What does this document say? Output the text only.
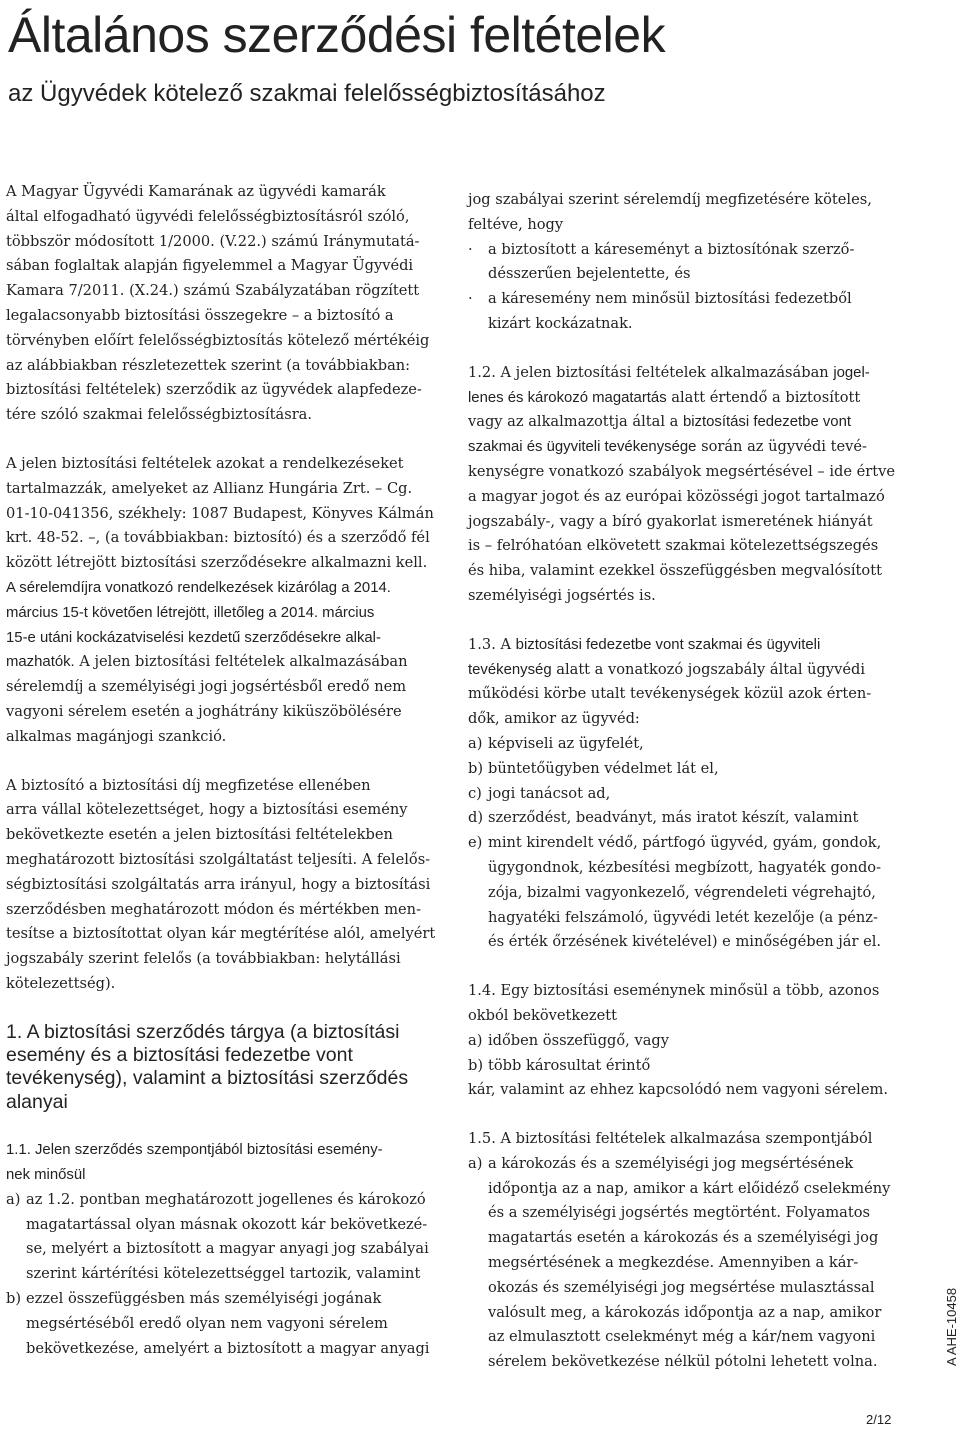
Általános szerződési feltételek
az Ügyvédek kötelező szakmai felelősségbiztosításához
A Magyar Ügyvédi Kamarának az ügyvédi kamarák
által elfogadható ügyvédi felelősségbiztosításról szóló,
többször módosított 1/2000. (V.22.) számú Iránymutatá-
sában foglaltak alapján figyelemmel a Magyar Ügyvédi
Kamara 7/2011. (X.24.) számú Szabályzatában rögzített
legalacsonyabb biztosítási összegekre – a biztosító a
törvényben előírt felelősségbiztosítás kötelező mértékéig
az alábbiakban részletezettek szerint (a továbbiakban:
biztosítási feltételek) szerződik az ügyvédek alapfedeze-
tére szóló szakmai felelősségbiztosításra.
A jelen biztosítási feltételek azokat a rendelkezéseket
tartalmazzák, amelyeket az Allianz Hungária Zrt. – Cg.
01-10-041356, székhely: 1087 Budapest, Könyves Kálmán
krt. 48-52. –, (a továbbiakban: biztosító) és a szerződő fél
között létrejött biztosítási szerződésekre alkalmazni kell.
A sérelemdíjra vonatkozó rendelkezések kizárólag a 2014.
március 15-t követően létrejött, illetőleg a 2014. március
15-e utáni kockázatviselési kezdetű szerződésekre alkal-
mazhatók. A jelen biztosítási feltételek alkalmazásában
sérelemdíj a személyiségi jogi jogsértésből eredő nem
vagyoni sérelem esetén a joghátrány kiküszöbölésére
alkalmas magánjogi szankció.
A biztosító a biztosítási díj megfizetése ellenében
arra vállal kötelezettséget, hogy a biztosítási esemény
bekövetkezte esetén a jelen biztosítási feltételekben
meghatározott biztosítási szolgáltatást teljesíti. A felelős-
ségbiztosítási szolgáltatás arra irányul, hogy a biztosítási
szerződésben meghatározott módon és mértékben men-
tesítse a biztosítottat olyan kár megtérítése alól, amelyért
jogszabály szerint felelős (a továbbiakban: helytállási
kötelezettség).
1. A biztosítási szerződés tárgya (a biztosítási
esemény és a biztosítási fedezetbe vont
tevékenység), valamint a biztosítási szerződés
alanyai
1.1. Jelen szerződés szempontjából biztosítási esemény-
nek minősül
a) az 1.2. pontban meghatározott jogellenes és károkozó
magatartással olyan másnak okozott kár bekövetkezé-
se, melyért a biztosított a magyar anyagi jog szabályai
szerint kártérítési kötelezettséggel tartozik, valamint
b) ezzel összefüggésben más személyiségi jogának
megsértéséből eredő olyan nem vagyoni sérelem
bekövetkezése, amelyért a biztosított a magyar anyagi
jog szabályai szerint sérelemdíj megfizetésére köteles,
feltéve, hogy
·	a biztosított a káreseményt a biztosítónak szerző-
désszerűen bejelentette, és
·	a káresemény nem minősül biztosítási fedezetből
kizárt kockázatnak.
1.2. A jelen biztosítási feltételek alkalmazásában jogel-
lenes és károkozó magatartás alatt értendő a biztosított
vagy az alkalmazottja által a biztosítási fedezetbe vont
szakmai és ügyviteli tevékenysége során az ügyvédi tevé-
kenységre vonatkozó szabályok megsértésével – ide értve
a magyar jogot és az európai közösségi jogot tartalmazó
jogszabály-, vagy a bíró gyakorlat ismeretének hiányát
is – felróhatóan elkövetett szakmai kötelezettségszegés
és hiba, valamint ezekkel összefüggésben megvalósított
személyiségi jogsértés is.
1.3. A biztosítási fedezetbe vont szakmai és ügyviteli
tevékenység alatt a vonatkozó jogszabály által ügyvédi
működési körbe utalt tevékenységek közül azok érten-
dők, amikor az ügyvéd:
a) képviseli az ügyfelét,
b) büntetőügyben védelmet lát el,
c) jogi tanácsot ad,
d) szerződést, beadványt, más iratot készít, valamint
e) mint kirendelt védő, pártfogó ügyvéd, gyám, gondok,
ügygondnok, kézbesítési megbízott, hagyaték gondo-
zója, bizalmi vagyonkezelő, végrendeleti végrehajtó,
hagyatéki felszámoló, ügyvédi letét kezelője (a pénz-
és érték őrzésének kivételével) e minőségében jár el.
1.4. Egy biztosítási eseménynek minősül a több, azonos
okból bekövetkezett
a) időben összefüggő, vagy
b) több károsultat érintő
kár, valamint az ehhez kapcsolódó nem vagyoni sérelem.
1.5. A biztosítási feltételek alkalmazása szempontjából
a) a károkozás és a személyiségi jog megsértésének
időpontja az a nap, amikor a kárt előidéző cselekmény
és a személyiségi jogsértés megtörtént. Folyamatos
magatartás esetén a károkozás és a személyiségi jog
megsértésének a megkezdése. Amennyiben a kár-
okozás és személyiségi jog megsértése mulasztással
valósult meg, a károkozás időpontja az a nap, amikor
az elmulasztott cselekményt még a kár/nem vagyoni
sérelem bekövetkezése nélkül pótolni lehetett volna.	A AHE-10458
2/12
